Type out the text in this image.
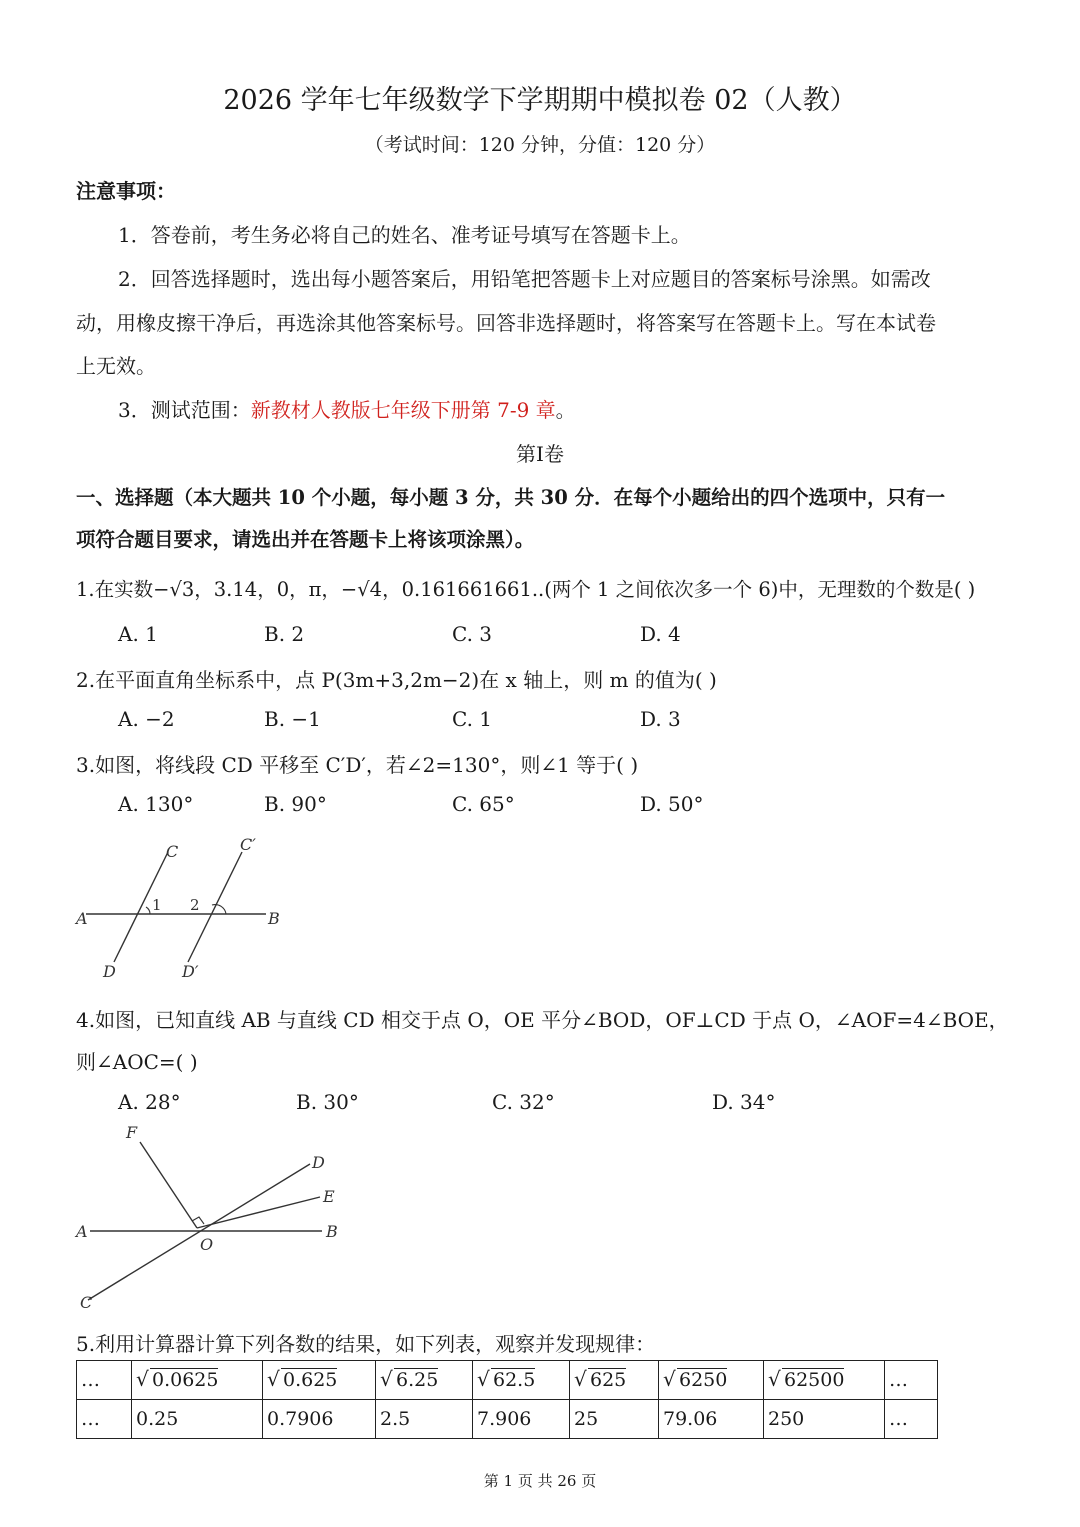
2026 学年七年级数学下学期期中模拟卷 02（人教）
（考试时间：120 分钟，分值：120 分）
注意事项：
1．答卷前，考生务必将自己的姓名、准考证号填写在答题卡上。
2．回答选择题时，选出每小题答案后，用铅笔把答题卡上对应题目的答案标号涂黑。如需改
动，用橡皮擦干净后，再选涂其他答案标号。回答非选择题时，将答案写在答题卡上。写在本试卷
上无效。
3．测试范围：新教材人教版七年级下册第 7-9 章。
第Ⅰ卷
一、选择题（本大题共 10 个小题，每小题 3 分，共 30 分．在每个小题给出的四个选项中，只有一
项符合题目要求，请选出并在答题卡上将该项涂黑）。
1.在实数−√3，3.14，0，π，−√4，0.161661661..(两个 1 之间依次多一个 6)中，无理数的个数是( )
A. 1	B. 2	C. 3	D. 4
2.在平面直角坐标系中，点 P(3m+3,2m−2)在 x 轴上，则 m 的值为( )
A. −2	B. −1	C. 1	D. 3
3.如图，将线段 CD 平移至 C′D′，若∠2=130°，则∠1 等于( )
A. 130°	B. 90°	C. 65°	D. 50°
C	C′
A
1 2
B
D	D′
4.如图，已知直线 AB 与直线 CD 相交于点 O，OE 平分∠BOD，OF⊥CD 于点 O，∠AOF=4∠BOE，
则∠AOC=( )
A. 28°	B. 30°	C. 32°	D. 34°
F
D
E
A
O
B
C
5.利用计算器计算下列各数的结果，如下列表，观察并发现规律：
…	√ 0.0625	√ 0.625	√ 6.25	√ 62.5	√ 625	√ 6250	√ 62500	…
…	0.25	0.7906	2.5	7.906	25	79.06	250	…
第 1 页 共 26 页
